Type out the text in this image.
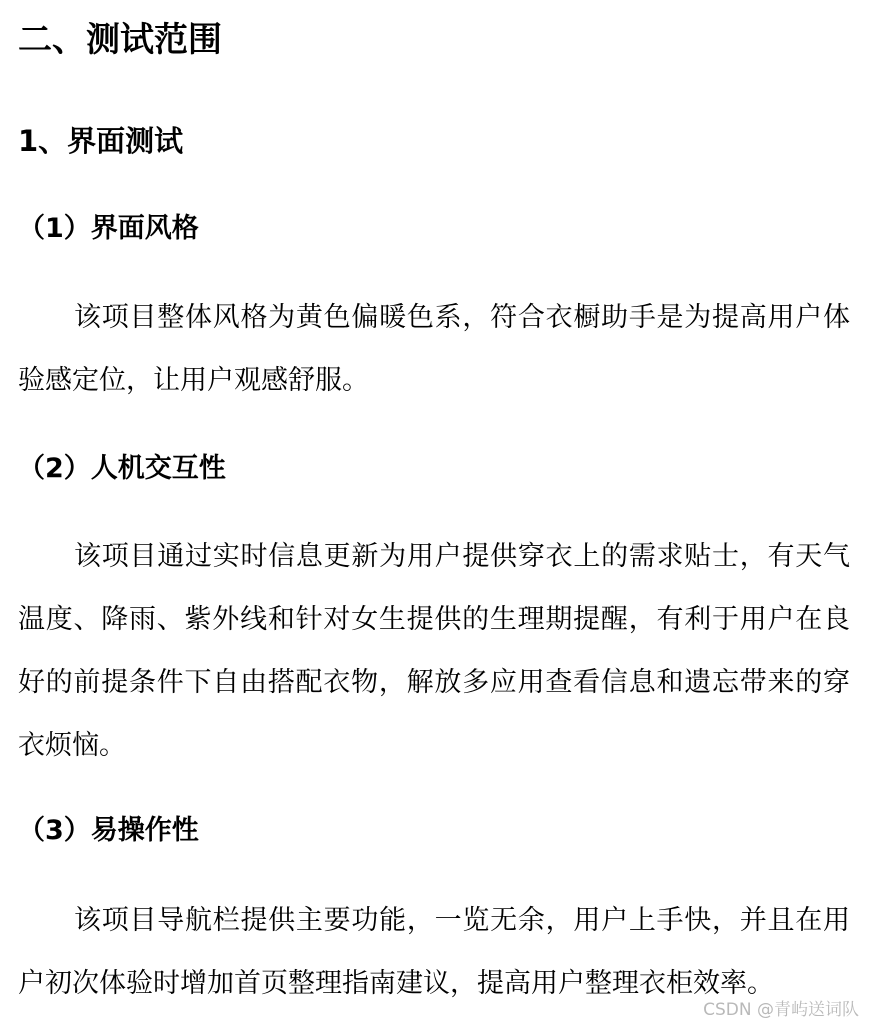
二、测试范围
1、界面测试
（1）界面风格

该项目整体风格为黄色偏暖色系，符合衣橱助手是为提高用户体验感定位，让用户观感舒服。

（2）人机交互性

该项目通过实时信息更新为用户提供穿衣上的需求贴士，有天气温度、降雨、紫外线和针对女生提供的生理期提醒，有利于用户在良好的前提条件下自由搭配衣物，解放多应用查看信息和遗忘带来的穿衣烦恼。

（3）易操作性

该项目导航栏提供主要功能，一览无余，用户上手快，并且在用户初次体验时增加首页整理指南建议，提高用户整理衣柜效率。

CSDN @青屿送词队
